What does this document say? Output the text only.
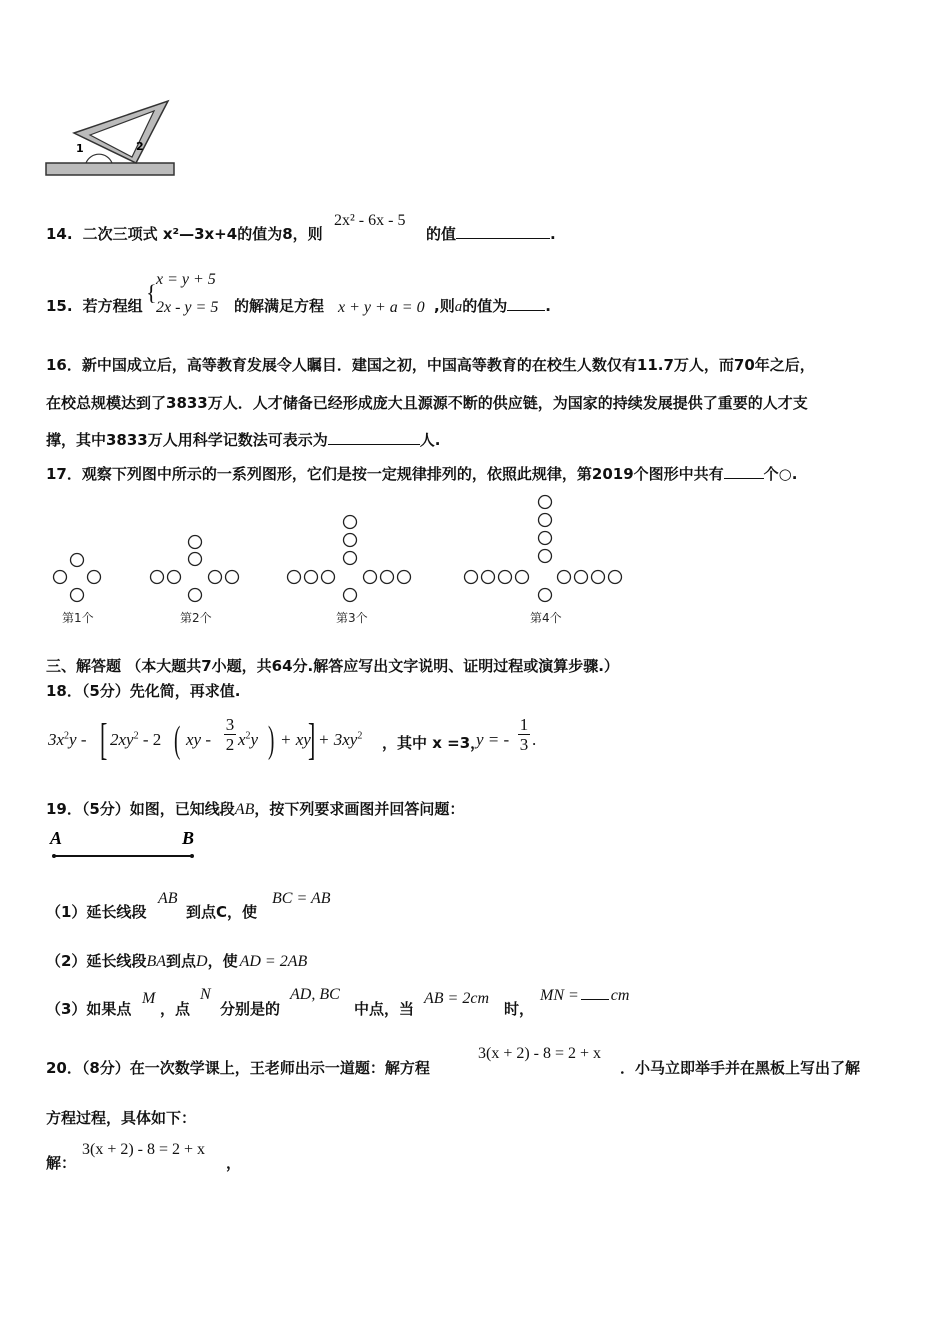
1	2
14. 二次三项式 x²—3x+4的值为8，则
2x² - 6x - 5
的值	.
15. 若方程组
{
x = y + 5
2x - y = 5 的解满足方程 x + y + a = 0 ,则a的值为	.
16．新中国成立后，高等教育发展令人瞩目．建国之初，中国高等教育的在校生人数仅有11.7万人，而70年之后，
在校总规模达到了3833万人．人才储备已经形成庞大且源源不断的供应链，为国家的持续发展提供了重要的人才支
撑，其中3833万人用科学记数法可表示为	人.
17．观察下列图中所示的一系列图形，它们是按一定规律排列的，依照此规律，第2019个图形中共有	个○.
第1个	第2个	第3个	第4个
三、解答题 （本大题共7小题，共64分.解答应写出文字说明、证明过程或演算步骤.）
18．（5分）先化简，再求值.
$3x^2y$ - [ $2xy^2 - 2$ ( xy -
3
2 $x^2y$ ) + xy
] + $3xy^2$ ，其中 x =3，
y = -
1
3 .
19．（5分）如图，已知线段AB，按下列要求画图并回答问题：
A	B
（1）延长线段
AB
到点C，使
BC = AB
（2）延长线段BA到点D，使 AD = 2AB
（3）如果点
M
，点
N
分别是的
AD, BC
中点，当
AB = 2cm
时，
MN = cm
20．（8分）在一次数学课上，王老师出示一道题：解方程
3(x + 2) - 8 = 2 + x
．小马立即举手并在黑板上写出了解
方程过程，具体如下：
解：
3(x + 2) - 8 = 2 + x
，
